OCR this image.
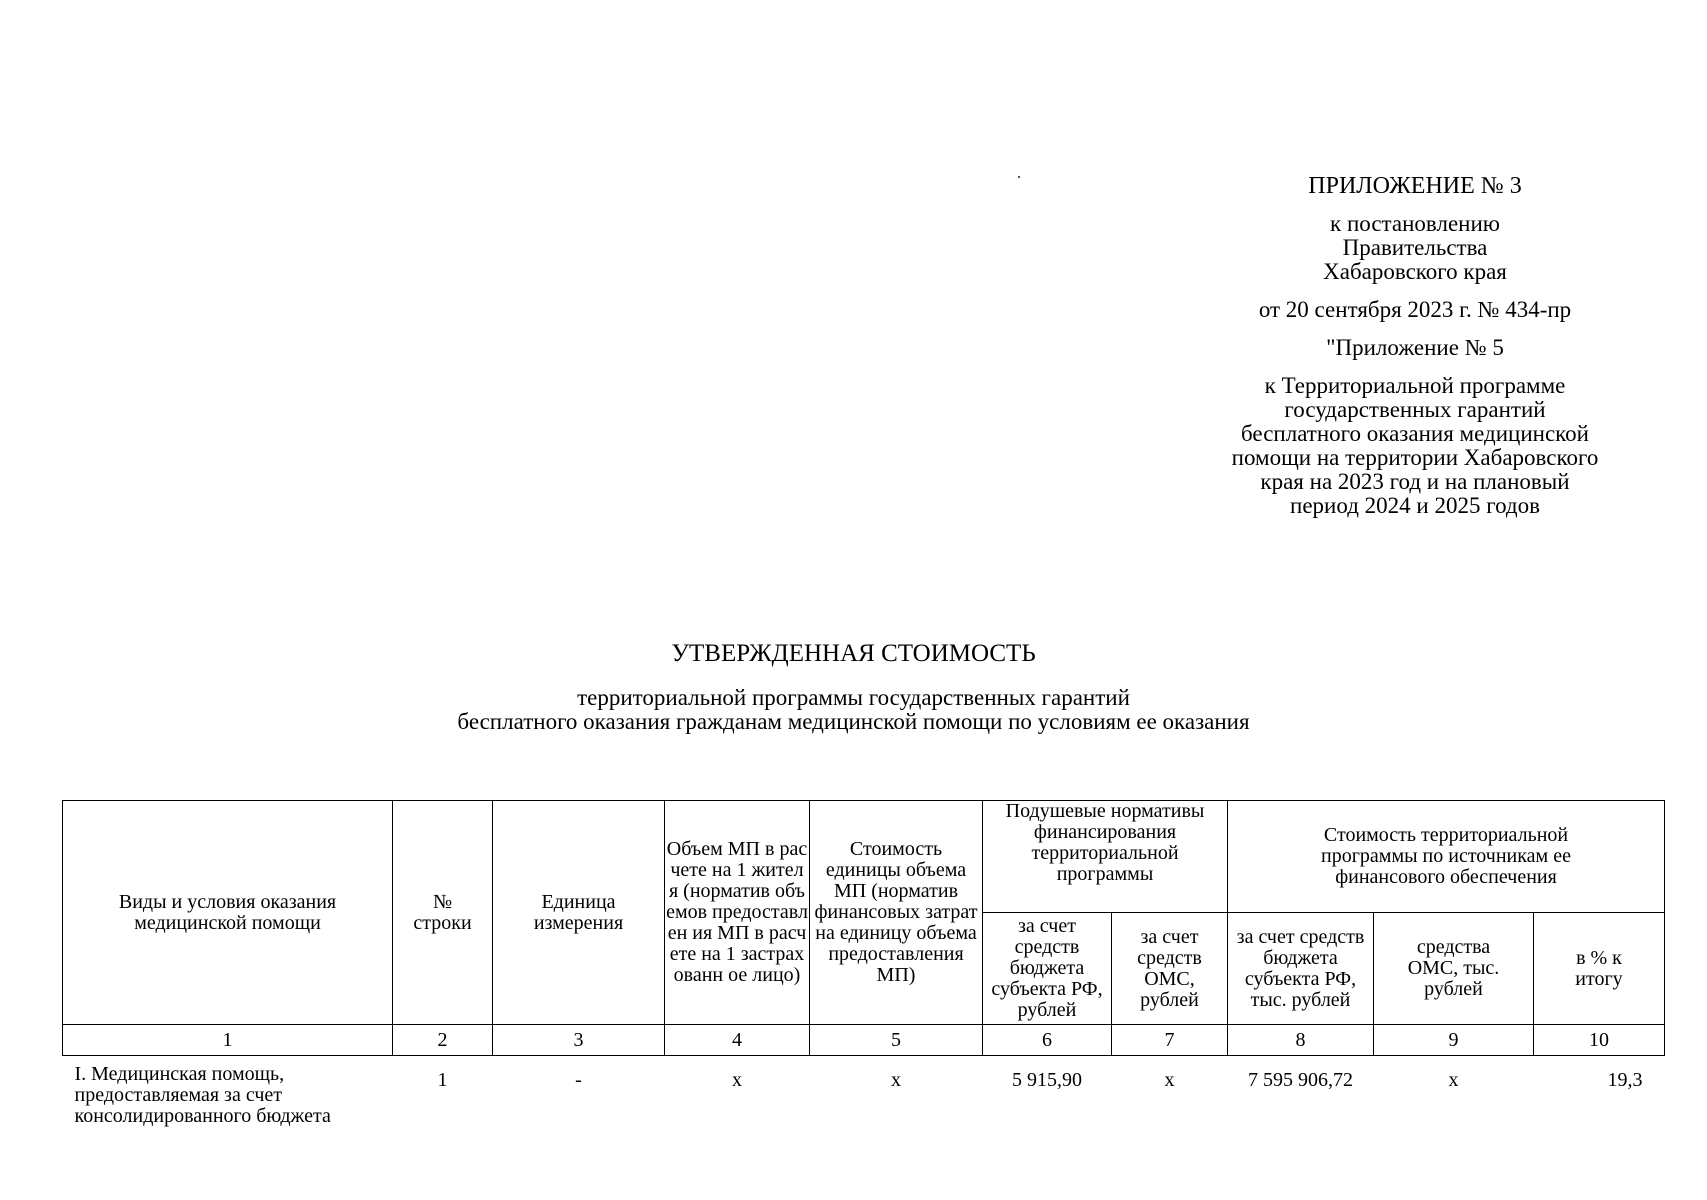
ПРИЛОЖЕНИЕ № 3
к постановлению
Правительства
Хабаровского края
от 20 сентября 2023 г. № 434-пр
"Приложение № 5
к Территориальной программе
государственных гарантий
бесплатного оказания медицинской
помощи на территории Хабаровского
края на 2023 год и на плановый
период 2024 и 2025 годов
УТВЕРЖДЕННАЯ СТОИМОСТЬ
территориальной программы государственных гарантий
бесплатного оказания гражданам медицинской помощи по условиям ее оказания
Виды и условия оказания медицинской помощи	№ строки	Единица измерения	Объем МП в расчете на 1 жителя (норматив объемов предоставлен ия МП в расчете на 1 застрахованн ое лицо)	Стоимость единицы объема МП (норматив финансовых затрат на единицу объема предоставления МП)	Подушевые нормативы финансирования территориальной программы		Стоимость территориальной программы по источникам ее финансового обеспечения		
					за счет средств бюджета субъекта РФ, рублей	за счет средств ОМС, рублей	за счет средств бюджета субъекта РФ, тыс. рублей	средства ОМС, тыс. рублей	в % к итогу
1	2	3	4	5	6	7	8	9	10
I. Медицинская помощь, предоставляемая за счет консолидированного бюджета	1	-	x	x	5 915,90	x	7 595 906,72	x	19,3
